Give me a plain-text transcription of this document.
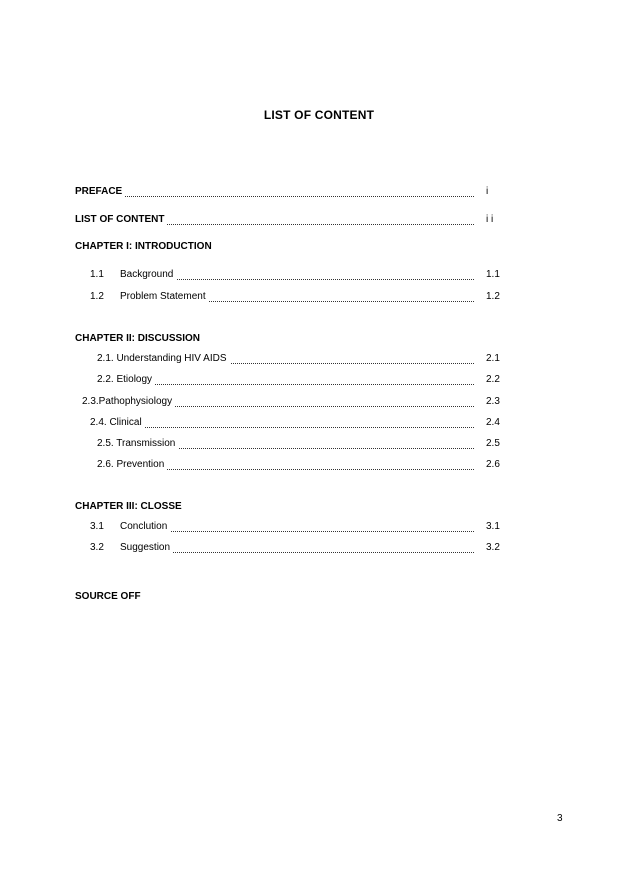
LIST OF CONTENT
PREFACE	i
LIST OF CONTENT	i i
CHAPTER I: INTRODUCTION
1.1 Background	1.1
1.2 Problem Statement	1.2
CHAPTER II: DISCUSSION
2.1. Understanding HIV AIDS	2.1
2.2. Etiology	2.2
2.3.Pathophysiology	2.3
2.4. Clinical	2.4
2.5. Transmission	2.5
2.6. Prevention	2.6
CHAPTER III: CLOSSE
3.1 Conclution	3.1
3.2 Suggestion	3.2
SOURCE OFF
3
